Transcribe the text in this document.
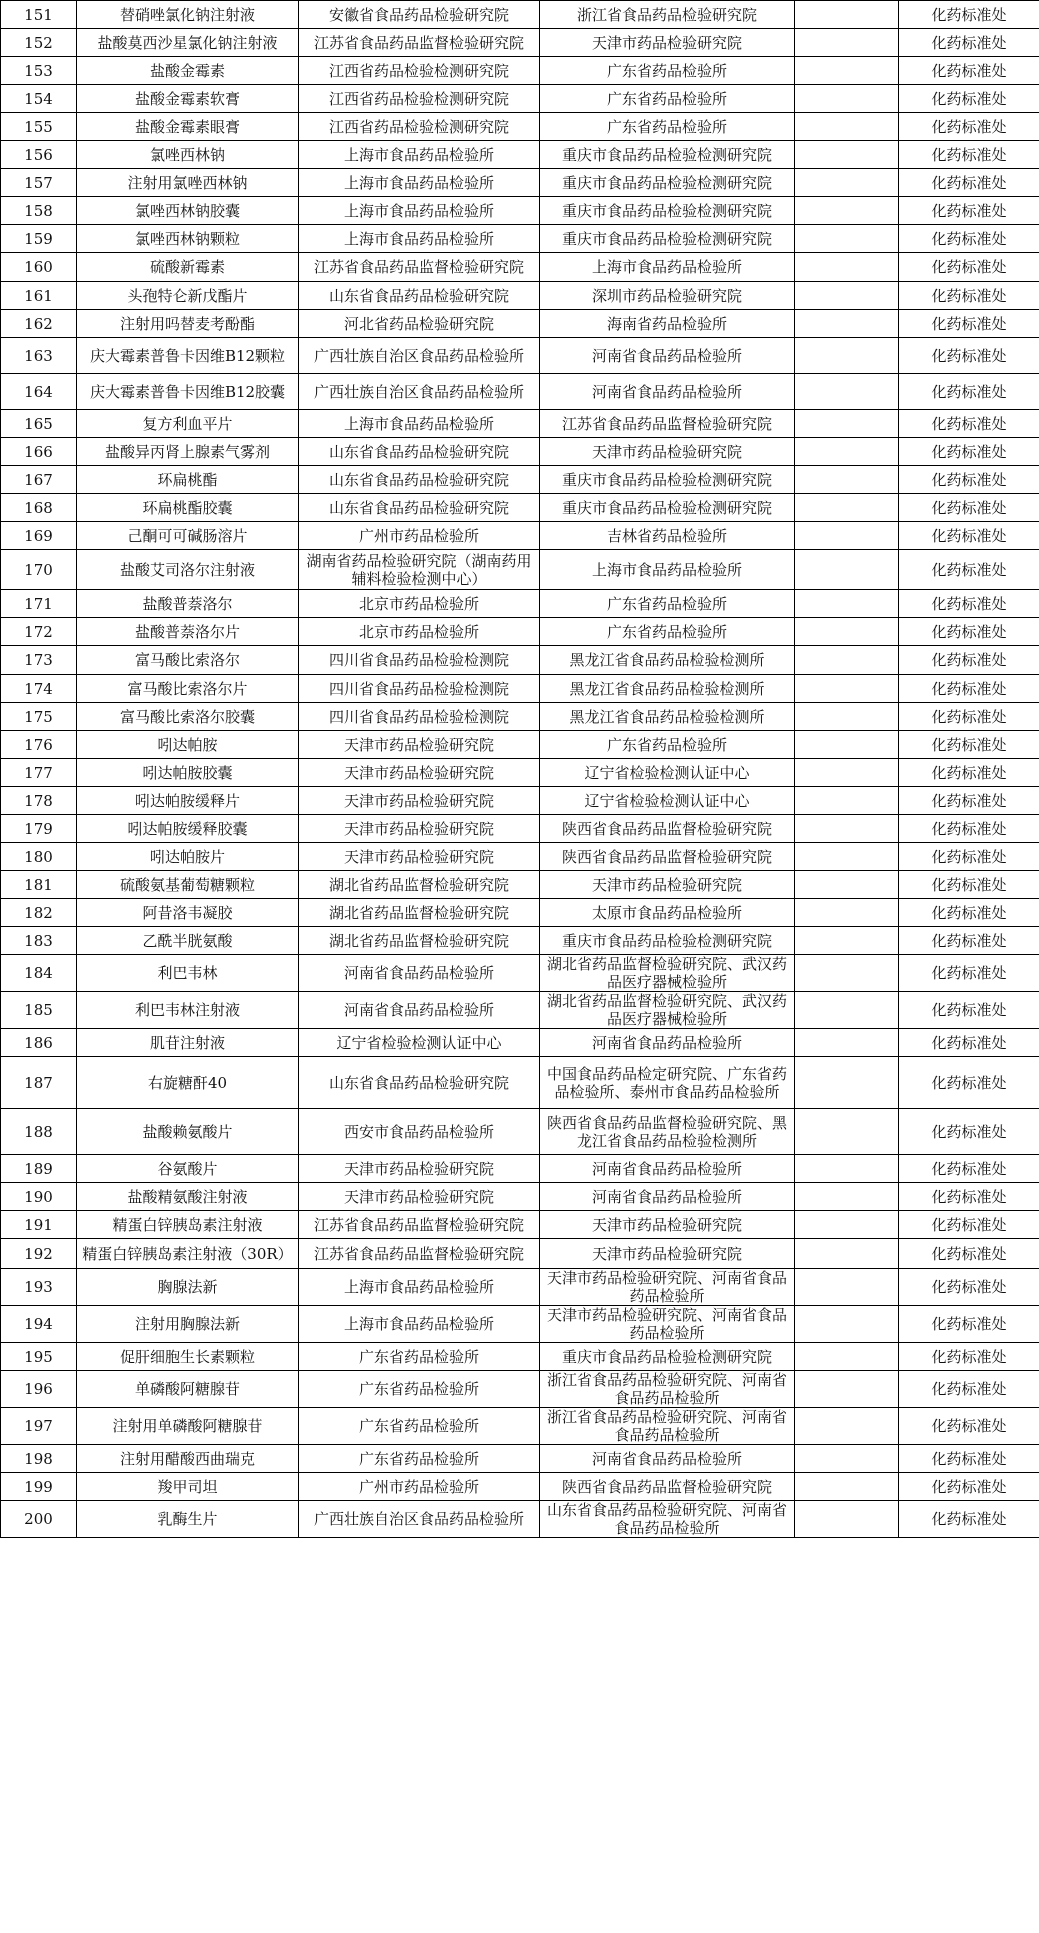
151	替硝唑氯化钠注射液	安徽省食品药品检验研究院	浙江省食品药品检验研究院		化药标准处
152	盐酸莫西沙星氯化钠注射液	江苏省食品药品监督检验研究院	天津市药品检验研究院		化药标准处
153	盐酸金霉素	江西省药品检验检测研究院	广东省药品检验所		化药标准处
154	盐酸金霉素软膏	江西省药品检验检测研究院	广东省药品检验所		化药标准处
155	盐酸金霉素眼膏	江西省药品检验检测研究院	广东省药品检验所		化药标准处
156	氯唑西林钠	上海市食品药品检验所	重庆市食品药品检验检测研究院		化药标准处
157	注射用氯唑西林钠	上海市食品药品检验所	重庆市食品药品检验检测研究院		化药标准处
158	氯唑西林钠胶囊	上海市食品药品检验所	重庆市食品药品检验检测研究院		化药标准处
159	氯唑西林钠颗粒	上海市食品药品检验所	重庆市食品药品检验检测研究院		化药标准处
160	硫酸新霉素	江苏省食品药品监督检验研究院	上海市食品药品检验所		化药标准处
161	头孢特仑新戊酯片	山东省食品药品检验研究院	深圳市药品检验研究院		化药标准处
162	注射用吗替麦考酚酯	河北省药品检验研究院	海南省药品检验所		化药标准处
163	庆大霉素普鲁卡因维B12颗粒	广西壮族自治区食品药品检验所	河南省食品药品检验所		化药标准处
164	庆大霉素普鲁卡因维B12胶囊	广西壮族自治区食品药品检验所	河南省食品药品检验所		化药标准处
165	复方利血平片	上海市食品药品检验所	江苏省食品药品监督检验研究院		化药标准处
166	盐酸异丙肾上腺素气雾剂	山东省食品药品检验研究院	天津市药品检验研究院		化药标准处
167	环扁桃酯	山东省食品药品检验研究院	重庆市食品药品检验检测研究院		化药标准处
168	环扁桃酯胶囊	山东省食品药品检验研究院	重庆市食品药品检验检测研究院		化药标准处
169	己酮可可碱肠溶片	广州市药品检验所	吉林省药品检验所		化药标准处
170	盐酸艾司洛尔注射液	湖南省药品检验研究院（湖南药用辅料检验检测中心）	上海市食品药品检验所		化药标准处
171	盐酸普萘洛尔	北京市药品检验所	广东省药品检验所		化药标准处
172	盐酸普萘洛尔片	北京市药品检验所	广东省药品检验所		化药标准处
173	富马酸比索洛尔	四川省食品药品检验检测院	黑龙江省食品药品检验检测所		化药标准处
174	富马酸比索洛尔片	四川省食品药品检验检测院	黑龙江省食品药品检验检测所		化药标准处
175	富马酸比索洛尔胶囊	四川省食品药品检验检测院	黑龙江省食品药品检验检测所		化药标准处
176	吲达帕胺	天津市药品检验研究院	广东省药品检验所		化药标准处
177	吲达帕胺胶囊	天津市药品检验研究院	辽宁省检验检测认证中心		化药标准处
178	吲达帕胺缓释片	天津市药品检验研究院	辽宁省检验检测认证中心		化药标准处
179	吲达帕胺缓释胶囊	天津市药品检验研究院	陕西省食品药品监督检验研究院		化药标准处
180	吲达帕胺片	天津市药品检验研究院	陕西省食品药品监督检验研究院		化药标准处
181	硫酸氨基葡萄糖颗粒	湖北省药品监督检验研究院	天津市药品检验研究院		化药标准处
182	阿昔洛韦凝胶	湖北省药品监督检验研究院	太原市食品药品检验所		化药标准处
183	乙酰半胱氨酸	湖北省药品监督检验研究院	重庆市食品药品检验检测研究院		化药标准处
184	利巴韦林	河南省食品药品检验所	湖北省药品监督检验研究院、武汉药品医疗器械检验所		化药标准处
185	利巴韦林注射液	河南省食品药品检验所	湖北省药品监督检验研究院、武汉药品医疗器械检验所		化药标准处
186	肌苷注射液	辽宁省检验检测认证中心	河南省食品药品检验所		化药标准处
187	右旋糖酐40	山东省食品药品检验研究院	中国食品药品检定研究院、广东省药品检验所、泰州市食品药品检验所		化药标准处
188	盐酸赖氨酸片	西安市食品药品检验所	陕西省食品药品监督检验研究院、黑龙江省食品药品检验检测所		化药标准处
189	谷氨酸片	天津市药品检验研究院	河南省食品药品检验所		化药标准处
190	盐酸精氨酸注射液	天津市药品检验研究院	河南省食品药品检验所		化药标准处
191	精蛋白锌胰岛素注射液	江苏省食品药品监督检验研究院	天津市药品检验研究院		化药标准处
192	精蛋白锌胰岛素注射液（30R）	江苏省食品药品监督检验研究院	天津市药品检验研究院		化药标准处
193	胸腺法新	上海市食品药品检验所	天津市药品检验研究院、河南省食品药品检验所		化药标准处
194	注射用胸腺法新	上海市食品药品检验所	天津市药品检验研究院、河南省食品药品检验所		化药标准处
195	促肝细胞生长素颗粒	广东省药品检验所	重庆市食品药品检验检测研究院		化药标准处
196	单磷酸阿糖腺苷	广东省药品检验所	浙江省食品药品检验研究院、河南省食品药品检验所		化药标准处
197	注射用单磷酸阿糖腺苷	广东省药品检验所	浙江省食品药品检验研究院、河南省食品药品检验所		化药标准处
198	注射用醋酸西曲瑞克	广东省药品检验所	河南省食品药品检验所		化药标准处
199	羧甲司坦	广州市药品检验所	陕西省食品药品监督检验研究院		化药标准处
200	乳酶生片	广西壮族自治区食品药品检验所	山东省食品药品检验研究院、河南省食品药品检验所		化药标准处
